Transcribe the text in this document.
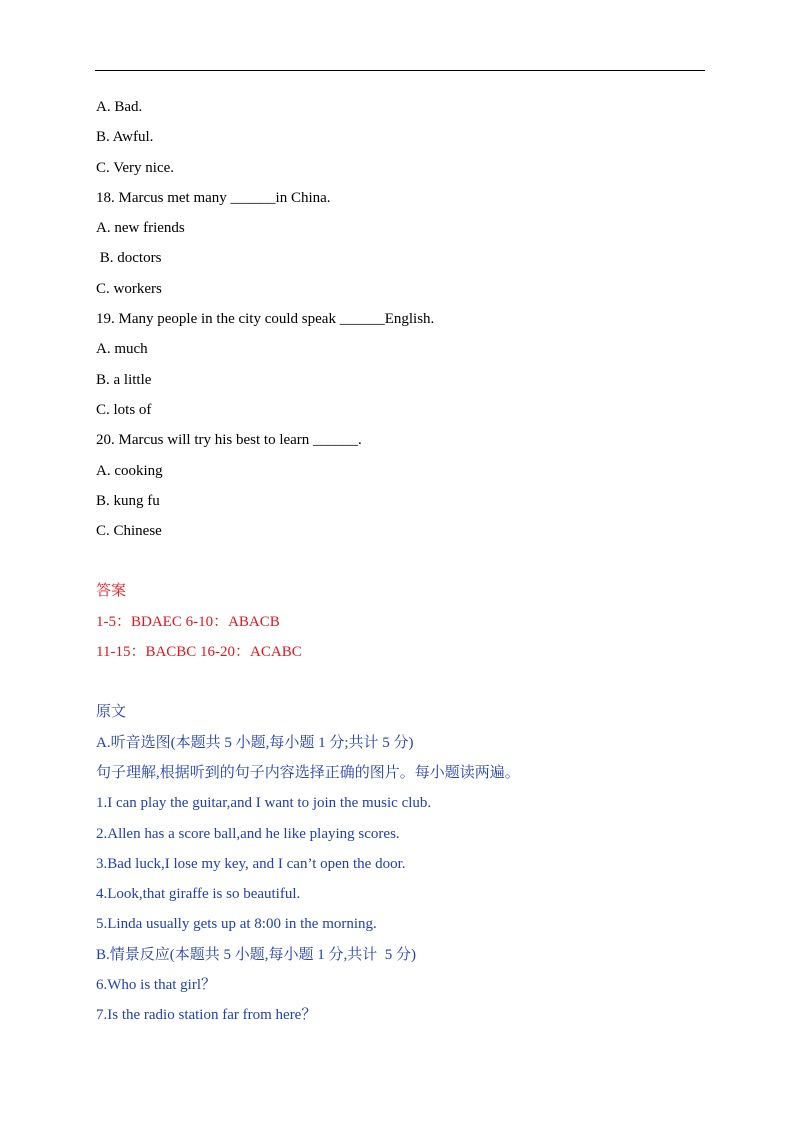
A. Bad.
B. Awful.
C. Very nice.
18. Marcus met many ______in China.
A. new friends
B. doctors
C. workers
19. Many people in the city could speak ______English.
A. much
B. a little
C. lots of
20. Marcus will try his best to learn ______.
A. cooking
B. kung fu
C. Chinese
答案
1-5：BDAEC 6-10：ABACB
11-15：BACBC 16-20：ACABC
原文
A.听音选图(本题共 5 小题,每小题 1 分;共计 5 分)
句子理解,根据听到的句子内容选择正确的图片。每小题读两遍。
1.I can play the guitar,and I want to join the music club.
2.Allen has a score ball,and he like playing scores.
3.Bad luck,I lose my key, and I can’t open the door.
4.Look,that giraffe is so beautiful.
5.Linda usually gets up at 8:00 in the morning.
B.情景反应(本题共 5 小题,每小题 1 分,共计  5 分)
6.Who is that girl？
7.Is the radio station far from here？
